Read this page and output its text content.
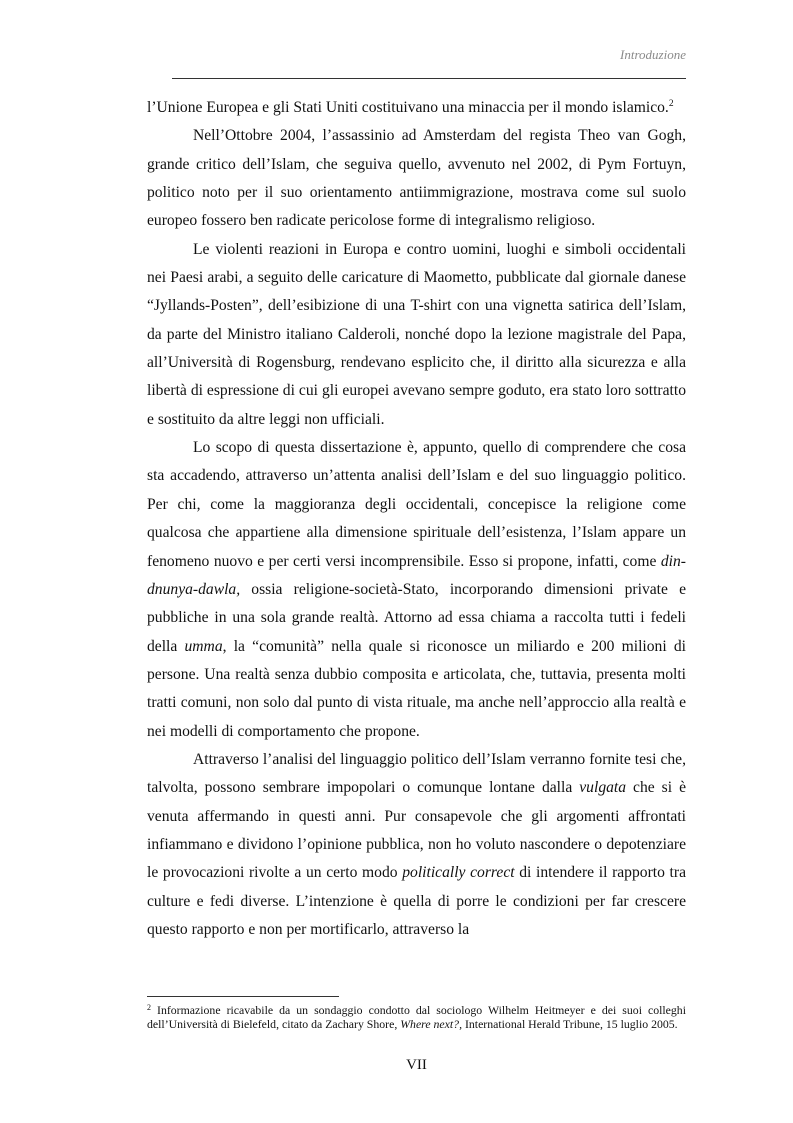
Introduzione

l’Unione Europea e gli Stati Uniti costituivano una minaccia per il mondo islamico.$^2$

Nell’Ottobre 2004, l’assassinio ad Amsterdam del regista Theo van Gogh, grande critico dell’Islam, che seguiva quello, avvenuto nel 2002, di Pym Fortuyn, politico noto per il suo orientamento antiimmigrazione, mostrava come sul suolo europeo fossero ben radicate pericolose forme di integralismo religioso.

Le violenti reazioni in Europa e contro uomini, luoghi e simboli occidentali nei Paesi arabi, a seguito delle caricature di Maometto, pubblicate dal giornale danese “Jyllands-Posten”, dell’esibizione di una T-shirt con una vignetta satirica dell’Islam, da parte del Ministro italiano Calderoli, nonché dopo la lezione magistrale del Papa, all’Università di Rogensburg, rendevano esplicito che, il diritto alla sicurezza e alla libertà di espressione di cui gli europei avevano sempre goduto, era stato loro sottratto e sostituito da altre leggi non ufficiali.

Lo scopo di questa dissertazione è, appunto, quello di comprendere che cosa sta accadendo, attraverso un’attenta analisi dell’Islam e del suo linguaggio politico. Per chi, come la maggioranza degli occidentali, concepisce la religione come qualcosa che appartiene alla dimensione spirituale dell’esistenza, l’Islam appare un fenomeno nuovo e per certi versi incomprensibile. Esso si propone, infatti, come din-dnunya-dawla, ossia religione-società-Stato, incorporando dimensioni private e pubbliche in una sola grande realtà. Attorno ad essa chiama a raccolta tutti i fedeli della umma, la “comunità” nella quale si riconosce un miliardo e 200 milioni di persone. Una realtà senza dubbio composita e articolata, che, tuttavia, presenta molti tratti comuni, non solo dal punto di vista rituale, ma anche nell’approccio alla realtà e nei modelli di comportamento che propone.

Attraverso l’analisi del linguaggio politico dell’Islam verranno fornite tesi che, talvolta, possono sembrare impopolari o comunque lontane dalla vulgata che si è venuta affermando in questi anni. Pur consapevole che gli argomenti affrontati infiammano e dividono l’opinione pubblica, non ho voluto nascondere o depotenziare le provocazioni rivolte a un certo modo politically correct di intendere il rapporto tra culture e fedi diverse. L’intenzione è quella di porre le condizioni per far crescere questo rapporto e non per mortificarlo, attraverso la

$^2$ Informazione ricavabile da un sondaggio condotto dal sociologo Wilhelm Heitmeyer e dei suoi colleghi dell’Università di Bielefeld, citato da Zachary Shore, Where next?, International Herald Tribune, 15 luglio 2005.
VII
